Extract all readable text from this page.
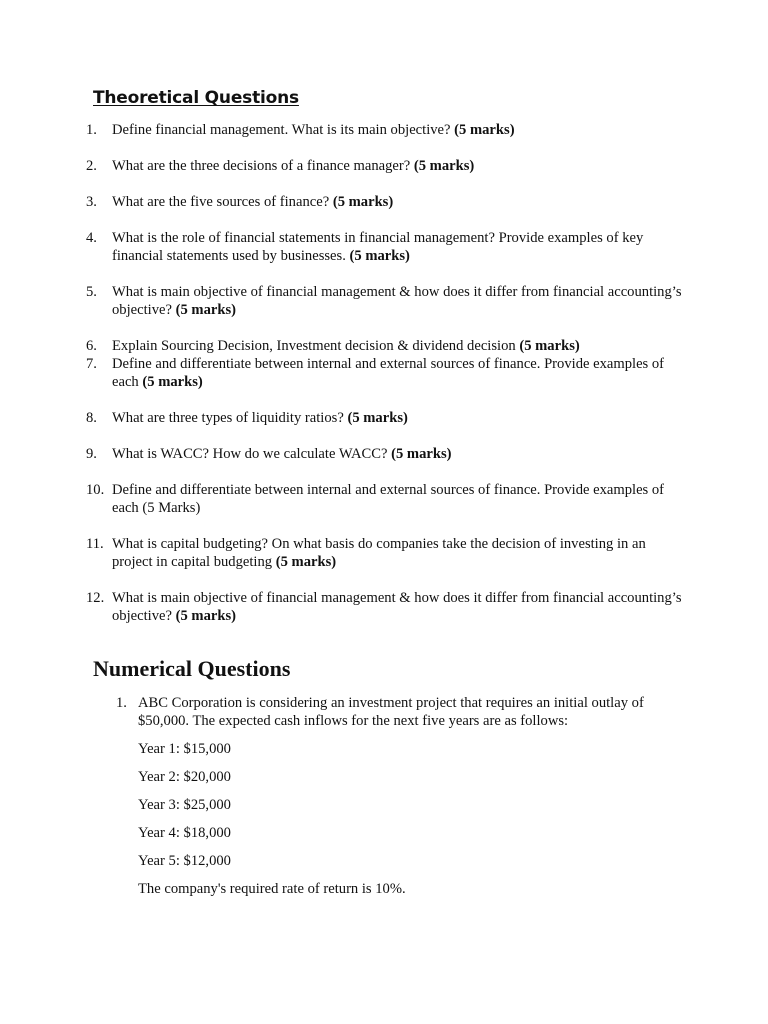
Theoretical Questions
1. Define financial management. What is its main objective? (5 marks)
2. What are the three decisions of a finance manager? (5 marks)
3. What are the five sources of finance? (5 marks)
4. What is the role of financial statements in financial management? Provide examples of key financial statements used by businesses. (5 marks)
5. What is main objective of financial management & how does it differ from financial accounting’s objective? (5 marks)
6. Explain Sourcing Decision, Investment decision & dividend decision (5 marks)
7. Define and differentiate between internal and external sources of finance. Provide examples of each (5 marks)
8. What are three types of liquidity ratios? (5 marks)
9. What is WACC? How do we calculate WACC? (5 marks)
10. Define and differentiate between internal and external sources of finance. Provide examples of each (5 Marks)
11. What is capital budgeting? On what basis do companies take the decision of investing in an project in capital budgeting (5 marks)
12. What is main objective of financial management & how does it differ from financial accounting’s objective? (5 marks)
Numerical Questions
1. ABC Corporation is considering an investment project that requires an initial outlay of $50,000. The expected cash inflows for the next five years are as follows:
Year 1: $15,000
Year 2: $20,000
Year 3: $25,000
Year 4: $18,000
Year 5: $12,000

The company's required rate of return is 10%.
